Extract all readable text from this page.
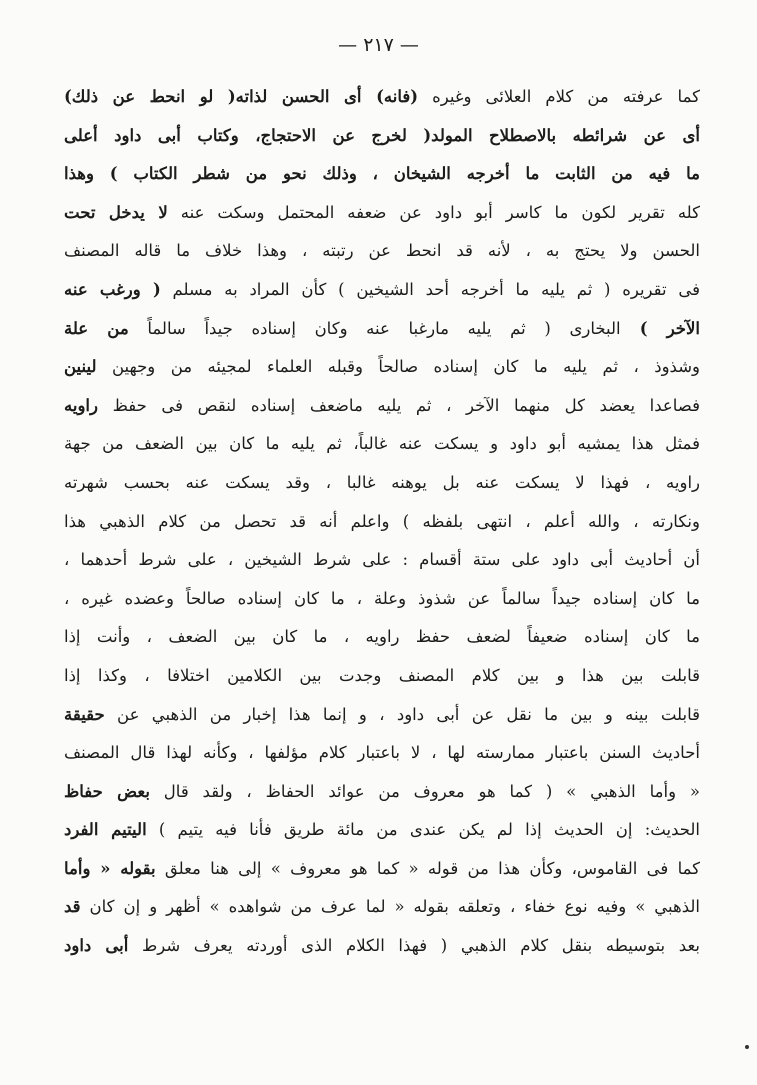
— ٢١٧ —
كما عرفته من كلام العلائى وغيره (فانه) أى الحسن لذاته( لو انحط عن ذلك)
أى عن شرائطه بالاصطلاح المولد( لخرج عن الاحتجاج، وكتاب أبى داود أعلى
ما فيه من الثابت ما أخرجه الشيخان ، وذلك نحو من شطر الكتاب ) وهذا
كله تقرير لكون ما كاسر أبو داود عن ضعفه المحتمل وسكت عنه لا يدخل تحت
الحسن ولا يحتج به ، لأنه قد انحط عن رتبته ، وهذا خلاف ما قاله المصنف
فى تقريره ( ثم يليه ما أخرجه أحد الشيخين ) كأن المراد به مسلم ( ورغب عنه
الآخر ) البخارى ( ثم يليه مارغبا عنه وكان إسناده جيداً سالماً من علة
وشذوذ ، ثم يليه ما كان إسناده صالحاً وقبله العلماء لمجيئه من وجهين لينين
فصاعدا يعضد كل منهما الآخر ، ثم يليه ماضعف إسناده لنقص فى حفظ راويه
فمثل هذا يمشيه أبو داود و يسكت عنه غالباً، ثم يليه ما كان بين الضعف من جهة
راويه ، فهذا لا يسكت عنه بل يوهنه غالبا ، وقد يسكت عنه بحسب شهرته
ونكارته ، والله أعلم ، انتهى بلفظه ) واعلم أنه قد تحصل من كلام الذهبي هذا
أن أحاديث أبى داود على ستة أقسام : على شرط الشيخين ، على شرط أحدهما ،
ما كان إسناده جيداً سالماً عن شذوذ وعلة ، ما كان إسناده صالحاً وعضده غيره ،
ما كان إسناده ضعيفاً لضعف حفظ راويه ، ما كان بين الضعف ، وأنت إذا
قابلت بين هذا و بين كلام المصنف وجدت بين الكلامين اختلافا ، وكذا إذا
قابلت بينه و بين ما نقل عن أبى داود ، و إنما هذا إخبار من الذهبي عن حقيقة
أحاديث السنن باعتبار ممارسته لها ، لا باعتبار كلام مؤلفها ، وكأنه لهذا قال المصنف
« وأما الذهبي » ( كما هو معروف من عوائد الحفاظ ، ولقد قال بعض حفاظ
الحديث: إن الحديث إذا لم يكن عندى من مائة طريق فأنا فيه يتيم ) اليتيم الفرد
كما فى القاموس، وكأن هذا من قوله « كما هو معروف » إلى هنا معلق بقوله « وأما
الذهبي » وفيه نوع خفاء ، وتعلقه بقوله « لما عرف من شواهده » أظهر و إن كان قد
بعد بتوسيطه بنقل كلام الذهبي ( فهذا الكلام الذى أوردته يعرف شرط أبى داود
